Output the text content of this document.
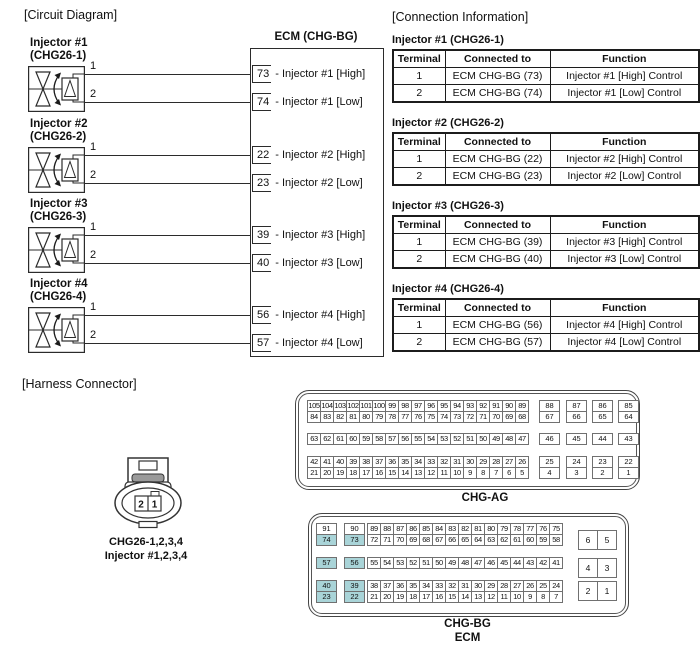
[Circuit Diagram]
Injector #1
(CHG26-1)
1
2
Injector #2
(CHG26-2)
1
2
Injector #3
(CHG26-3)
1
2
Injector #4
(CHG26-4)
1
2
ECM (CHG-BG)
73 - Injector #1 [High]
74 - Injector #1 [Low]
22 - Injector #2 [High]
23 - Injector #2 [Low]
39 - Injector #3 [High]
40 - Injector #3 [Low]
56 - Injector #4 [High]
57 - Injector #4 [Low]
[Connection Information]
Injector #1 (CHG26-1)
Terminal	Connected to	Function
1	ECM CHG-BG (73)	Injector #1 [High] Control
2	ECM CHG-BG (74)	Injector #1 [Low] Control
Injector #2 (CHG26-2)
Terminal	Connected to	Function
1	ECM CHG-BG (22)	Injector #2 [High] Control
2	ECM CHG-BG (23)	Injector #2 [Low] Control
Injector #3 (CHG26-3)
Terminal	Connected to	Function
1	ECM CHG-BG (39)	Injector #3 [High] Control
2	ECM CHG-BG (40)	Injector #3 [Low] Control
Injector #4 (CHG26-4)
Terminal	Connected to	Function
1	ECM CHG-BG (56)	Injector #4 [High] Control
2	ECM CHG-BG (57)	Injector #4 [Low] Control
[Harness Connector]
2 1
CHG26-1,2,3,4
Injector #1,2,3,4
105 104 103 102 101 100 99 98 97 96 95 94 93 92 91 90 89
84 83 82 81 80 79 78 77 76 75 74 73 72 71 70 69 68
63 62 61 60 59 58 57 56 55 54 53 52 51 50 49 48 47
42 41 40 39 38 37 36 35 34 33 32 31 30 29 28 27 26
21 20 19 18 17 16 15 14 13 12 11 10 9	8	7	6	5
88
67
87
66
86
65
85
64
46	45	44	43
25
4
24
3
23
2
22
1
CHG-AG
91
74
90
73
57	56
40
23
39
22
89 88 87 86 85 84 83 82 81 80 79 78 77 76 75
72 71 70 69 68 67 66 65 64 63 62 61 60 59 58
55 54 53 52 51 50 49 48 47 46 45 44 43 42 41
38 37 36 35 34 33 32 31 30 29 28 27 26 25 24
21 20 19 18 17 16 15 14 13 12 11 10 9	8	7
6	5
4	3
2	1
CHG-BG
ECM
